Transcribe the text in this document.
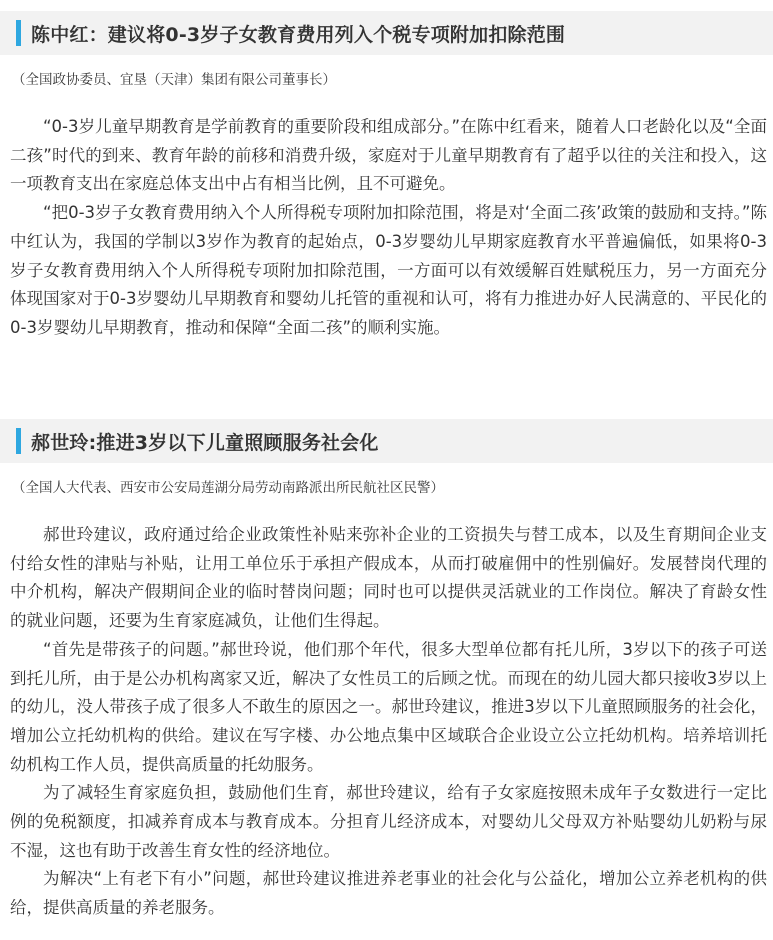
陈中红：建议将0-3岁子女教育费用列入个税专项附加扣除范围
（全国政协委员、宜垦（天津）集团有限公司董事长）

“0-3岁儿童早期教育是学前教育的重要阶段和组成部分。”在陈中红看来，随着人口老龄化以及“全面二孩”时代的到来、教育年龄的前移和消费升级，家庭对于儿童早期教育有了超乎以往的关注和投入，这一项教育支出在家庭总体支出中占有相当比例，且不可避免。

“把0-3岁子女教育费用纳入个人所得税专项附加扣除范围，将是对‘全面二孩’政策的鼓励和支持。”陈中红认为，我国的学制以3岁作为教育的起始点，0-3岁婴幼儿早期家庭教育水平普遍偏低，如果将0-3岁子女教育费用纳入个人所得税专项附加扣除范围，一方面可以有效缓解百姓赋税压力，另一方面充分体现国家对于0-3岁婴幼儿早期教育和婴幼儿托管的重视和认可，将有力推进办好人民满意的、平民化的0-3岁婴幼儿早期教育，推动和保障“全面二孩”的顺利实施。

郝世玲:推进3岁以下儿童照顾服务社会化
（全国人大代表、西安市公安局莲湖分局劳动南路派出所民航社区民警）

郝世玲建议，政府通过给企业政策性补贴来弥补企业的工资损失与替工成本，以及生育期间企业支付给女性的津贴与补贴，让用工单位乐于承担产假成本，从而打破雇佣中的性别偏好。发展替岗代理的中介机构，解决产假期间企业的临时替岗问题；同时也可以提供灵活就业的工作岗位。解决了育龄女性的就业问题，还要为生育家庭减负，让他们生得起。

“首先是带孩子的问题。”郝世玲说，他们那个年代，很多大型单位都有托儿所，3岁以下的孩子可送到托儿所，由于是公办机构离家又近，解决了女性员工的后顾之忧。而现在的幼儿园大都只接收3岁以上的幼儿，没人带孩子成了很多人不敢生的原因之一。郝世玲建议，推进3岁以下儿童照顾服务的社会化，增加公立托幼机构的供给。建议在写字楼、办公地点集中区域联合企业设立公立托幼机构。培养培训托幼机构工作人员，提供高质量的托幼服务。

为了减轻生育家庭负担，鼓励他们生育，郝世玲建议，给有子女家庭按照未成年子女数进行一定比例的免税额度，扣减养育成本与教育成本。分担育儿经济成本，对婴幼儿父母双方补贴婴幼儿奶粉与尿不湿，这也有助于改善生育女性的经济地位。

为解决“上有老下有小”问题，郝世玲建议推进养老事业的社会化与公益化，增加公立养老机构的供给，提供高质量的养老服务。
